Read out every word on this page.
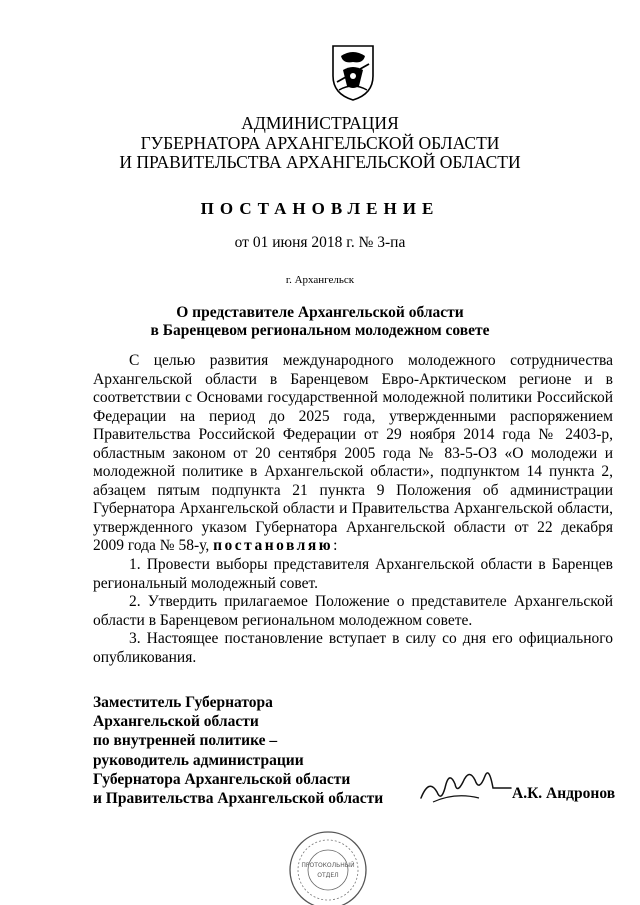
АДМИНИСТРАЦИЯ
ГУБЕРНАТОРА АРХАНГЕЛЬСКОЙ ОБЛАСТИ
И ПРАВИТЕЛЬСТВА АРХАНГЕЛЬСКОЙ ОБЛАСТИ
ПОСТАНОВЛЕНИЕ
от 01 июня 2018 г. № 3-па
г. Архангельск
О представителе Архангельской области
в Баренцевом региональном молодежном совете

С целью развития международного молодежного сотрудничества Архангельской области в Баренцевом Евро-Арктическом регионе и в соответствии с Основами государственной молодежной политики Российской Федерации на период до 2025 года, утвержденными распоряжением Правительства Российской Федерации от 29 ноября 2014 года № 2403-р, областным законом от 20 сентября 2005 года № 83-5-ОЗ «О молодежи и молодежной политике в Архангельской области», подпунктом 14 пункта 2, абзацем пятым подпункта 21 пункта 9 Положения об администрации Губернатора Архангельской области и Правительства Архангельской области, утвержденного указом Губернатора Архангельской области от 22 декабря 2009 года № 58-у, постановляю:

1. Провести выборы представителя Архангельской области в Баренцев региональный молодежный совет.

2. Утвердить прилагаемое Положение о представителе Архангельской области в Баренцевом региональном молодежном совете.

3. Настоящее постановление вступает в силу со дня его официального опубликования.

Заместитель Губернатора
Архангельской области
по внутренней политике –
руководитель администрации
Губернатора Архангельской области
и Правительства Архангельской области	А.К. Андронов
ПРОТОКОЛЬНЫЙ
ОТДЕЛ
